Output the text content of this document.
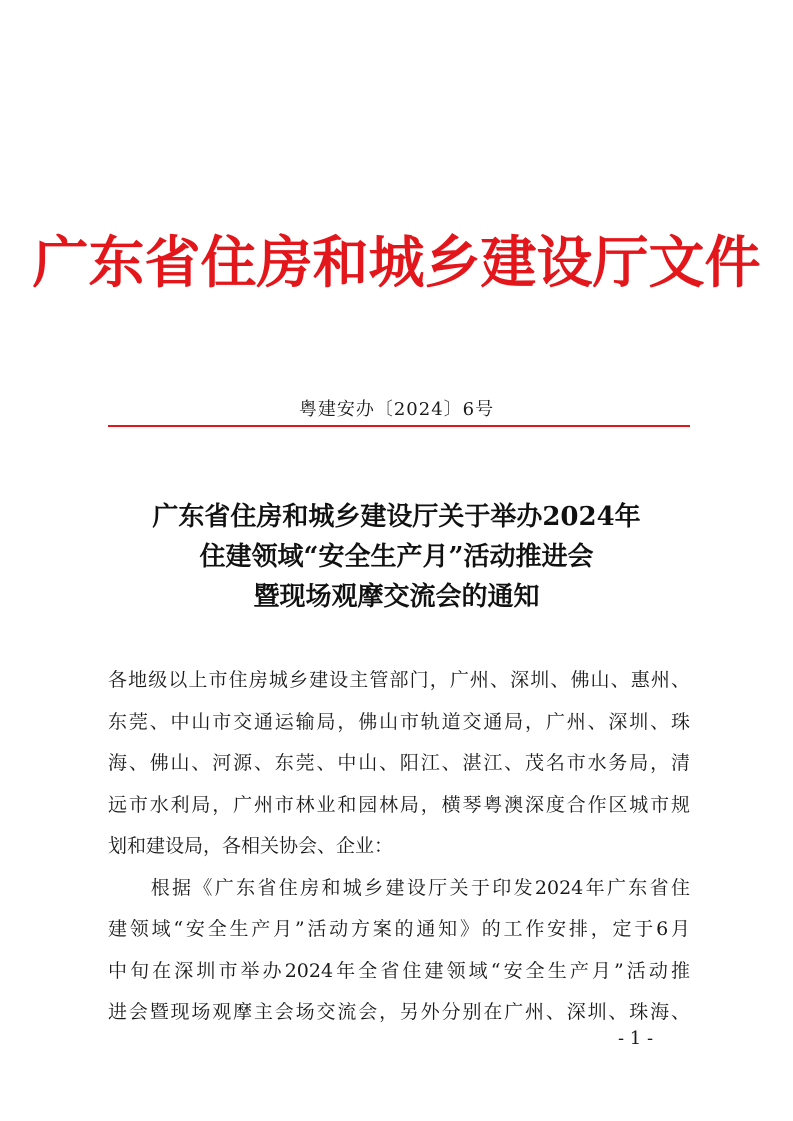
广东省住房和城乡建设厅文件
粤建安办〔2024〕6号
广东省住房和城乡建设厅关于举办2024年
住建领域“安全生产月”活动推进会
暨现场观摩交流会的通知
各地级以上市住房城乡建设主管部门，广州、深圳、佛山、惠州、
东莞、中山市交通运输局，佛山市轨道交通局，广州、深圳、珠
海、佛山、河源、东莞、中山、阳江、湛江、茂名市水务局，清
远市水利局，广州市林业和园林局，横琴粤澳深度合作区城市规
划和建设局，各相关协会、企业：
　　根据《广东省住房和城乡建设厅关于印发2024年广东省住
建领域“安全生产月”活动方案的通知》的工作安排，定于6月
中旬在深圳市举办2024年全省住建领域“安全生产月”活动推
进会暨现场观摩主会场交流会，另外分别在广州、深圳、珠海、
- 1 -
